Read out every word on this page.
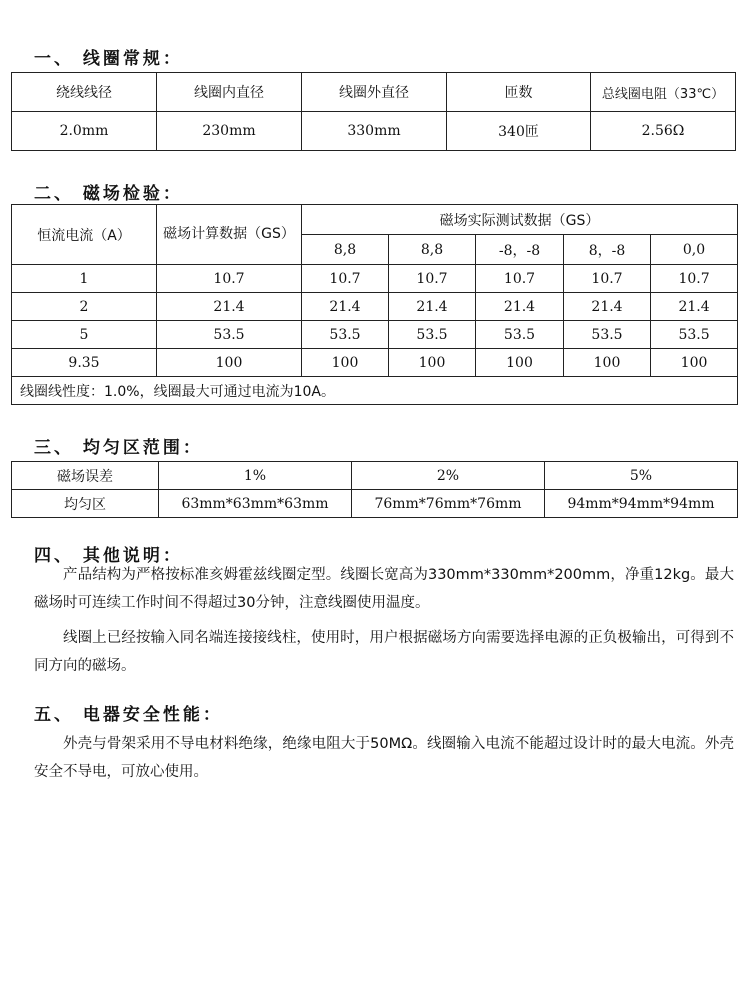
一、 线圈常规：
绕线线径	线圈内直径	线圈外直径	匝数	总线圈电阻（33℃）
2.0mm	230mm	330mm	340匝	2.56Ω
二、 磁场检验：
恒流电流（A）	磁场计算数据（GS）	磁场实际测试数据（GS）				
		8,8	8,8	-8，-8	8，-8	0,0
1	10.7	10.7	10.7	10.7	10.7	10.7
2	21.4	21.4	21.4	21.4	21.4	21.4
5	53.5	53.5	53.5	53.5	53.5	53.5
9.35	100	100	100	100	100	100
线圈线性度：1.0%，线圈最大可通过电流为10A。						
三、 均匀区范围：
磁场误差	1%	2%	5%
均匀区	63mm*63mm*63mm	76mm*76mm*76mm	94mm*94mm*94mm
四、 其他说明：

产品结构为严格按标准亥姆霍兹线圈定型。线圈长宽高为330mm*330mm*200mm，净重12kg。最大磁场时可连续工作时间不得超过30分钟，注意线圈使用温度。

线圈上已经按输入同名端连接接线柱，使用时，用户根据磁场方向需要选择电源的正负极输出，可得到不同方向的磁场。

五、 电器安全性能：

外壳与骨架采用不导电材料绝缘，绝缘电阻大于50MΩ。线圈输入电流不能超过设计时的最大电流。外壳安全不导电，可放心使用。
